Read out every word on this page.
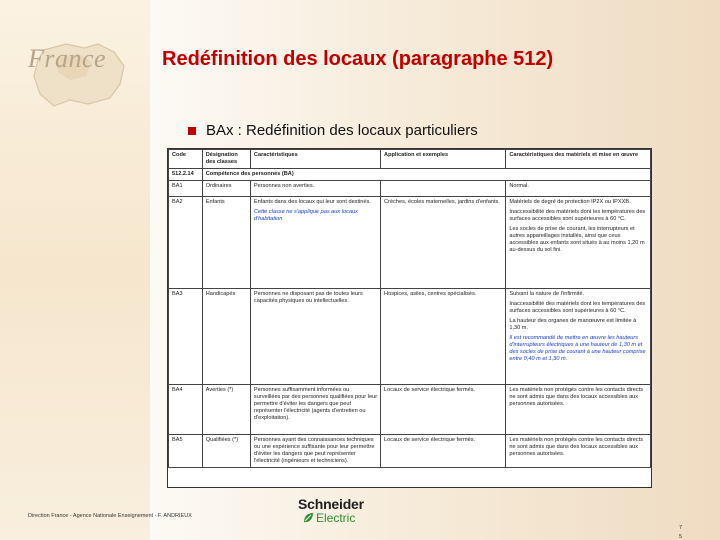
France	Redéfinition des locaux (paragraphe 512)
BAx : Redéfinition des locaux particuliers
Code	Désignation des classes	Caractéristiques	Application et exemples	Caractéristiques des matériels et mise en œuvre
512.2.14	Compétence des personnes (BA)			
BA1	Ordinaires	Personnes non averties.		Normal.

BA2	Enfants	Enfants dans des locaux qui leur sont destinés.
Cette classe ne s'applique pas aux locaux d'habitation	Crèches, écoles maternelles, jardins d'enfants.	Matériels de degré de protection IP2X ou IPXXB.
Inaccessibilité des matériels dont les températures des surfaces accessibles sont supérieures à 60 °C.
Les socles de prise de courant, les interrupteurs et autres appareillages installés, ainsi que ceux accessibles aux enfants sont situés à au moins 1,20 m au-dessus du sol fini.

BA3	Handicapés	Personnes ne disposant pas de toutes leurs capacités physiques ou intellectuelles.	Hospices, asiles, centres spécialisés.	Suivant la nature de l'infirmité.
Inaccessibilité des matériels dont les températures des surfaces accessibles sont supérieures à 60 °C.
La hauteur des organes de manœuvre est limitée à 1,30 m.
Il est recommandé de mettre en œuvre les hauteurs d'interrupteurs électriques à une hauteur de 1,30 m et des socles de prise de courant à une hauteur comprise entre 0,40 m et 1,30 m.

BA4	Averties (*)	Personnes suffisamment informées ou surveillées par des personnes qualifiées pour leur permettre d'éviter les dangers que peut représenter l'électricité (agents d'entretien ou d'exploitation).	Locaux de service électrique fermés.	Les matériels non protégés contre les contacts directs ne sont admis que dans des locaux accessibles aux personnes autorisées.

BA5	Qualifiées (*)	Personnes ayant des connaissances techniques ou une expérience suffisante pour leur permettre d'éviter les dangers que peut représenter l'électricité (ingénieurs et techniciens).	Locaux de service électrique fermés.	Les matériels non protégés contre les contacts directs ne sont admis que dans des locaux accessibles aux personnes autorisées.
Schneider
Electric
Direction France - Agence Nationale Enseignement - F. ANDRIEUX
7
5
